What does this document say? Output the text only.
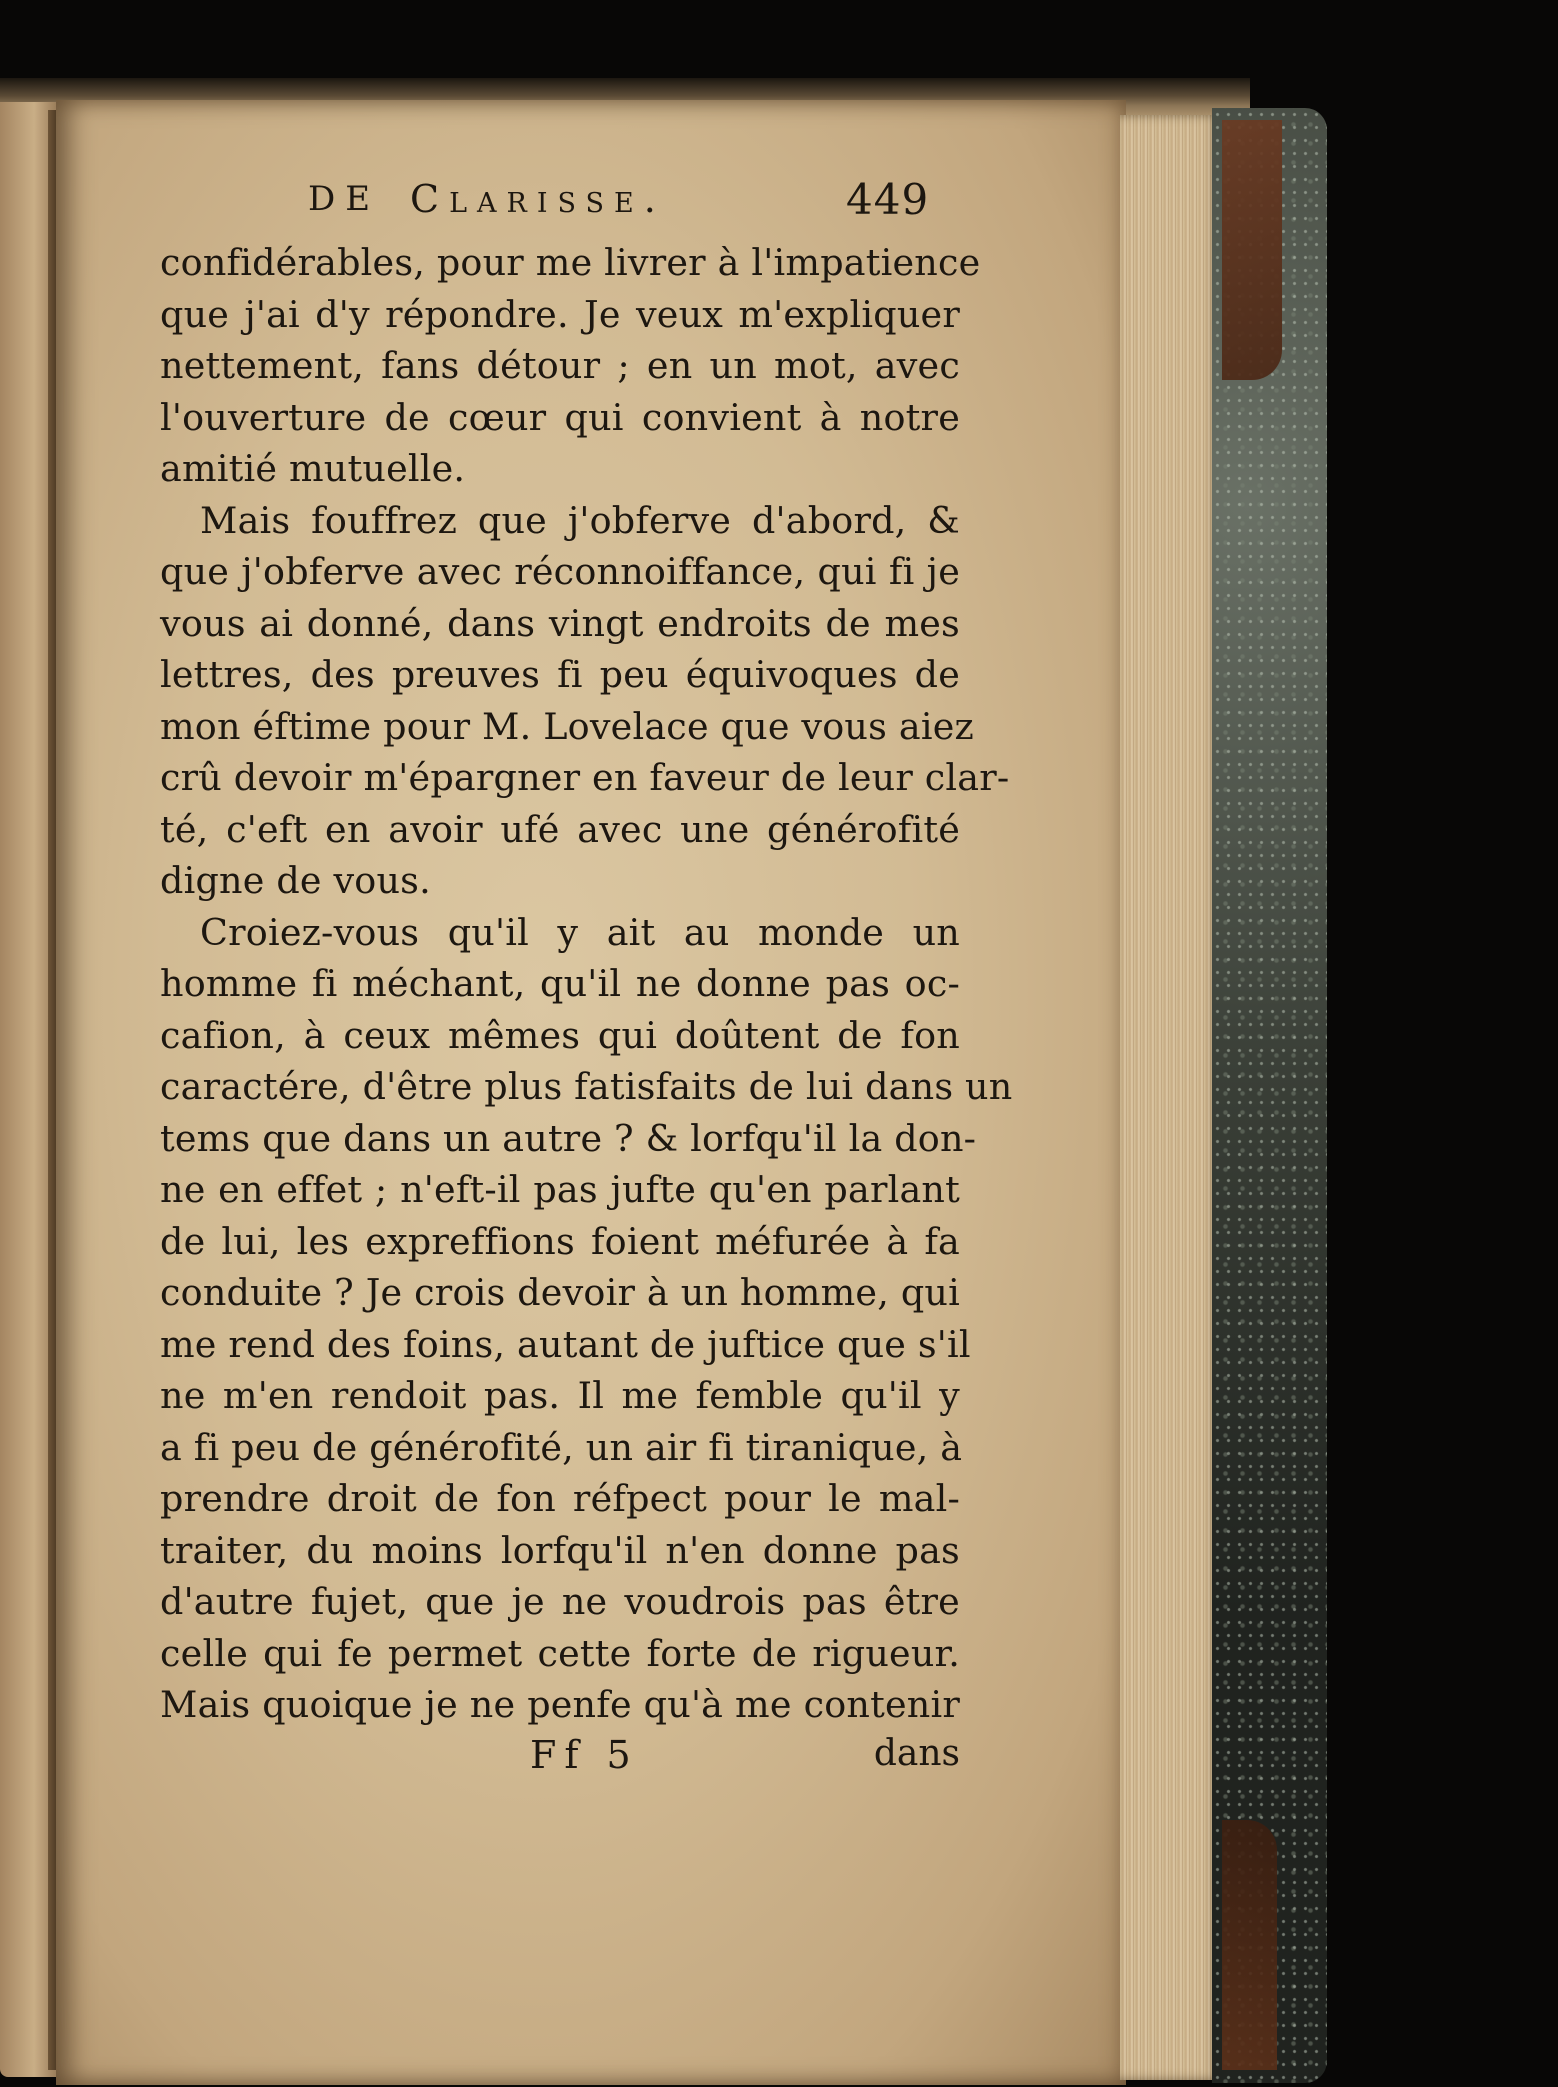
DE Clarisse.	449
confidérables, pour me livrer à l'impatience
que j'ai d'y répondre. Je veux m'expliquer
nettement, fans détour ; en un mot, avec
l'ouverture de cœur qui convient à notre
amitié mutuelle.
Mais fouffrez que j'obferve d'abord, &
que j'obferve avec réconnoiffance, qui fi je
vous ai donné, dans vingt endroits de mes
lettres, des preuves fi peu équivoques de
mon éftime pour M. Lovelace que vous aiez
crû devoir m'épargner en faveur de leur clar-
té, c'eft en avoir ufé avec une générofité
digne de vous.
Croiez-vous qu'il y ait au monde un
homme fi méchant, qu'il ne donne pas oc-
cafion, à ceux mêmes qui doûtent de fon
caractére, d'être plus fatisfaits de lui dans un
tems que dans un autre ? & lorfqu'il la don-
ne en effet ; n'eft-il pas jufte qu'en parlant
de lui, les expreffions foient méfurée à fa
conduite ? Je crois devoir à un homme, qui
me rend des foins, autant de juftice que s'il
ne m'en rendoit pas. Il me femble qu'il y
a fi peu de générofité, un air fi tiranique, à
prendre droit de fon réfpect pour le mal-
traiter, du moins lorfqu'il n'en donne pas
d'autre fujet, que je ne voudrois pas être
celle qui fe permet cette forte de rigueur.
Mais quoique je ne penfe qu'à me contenir
Ff 5	dans
